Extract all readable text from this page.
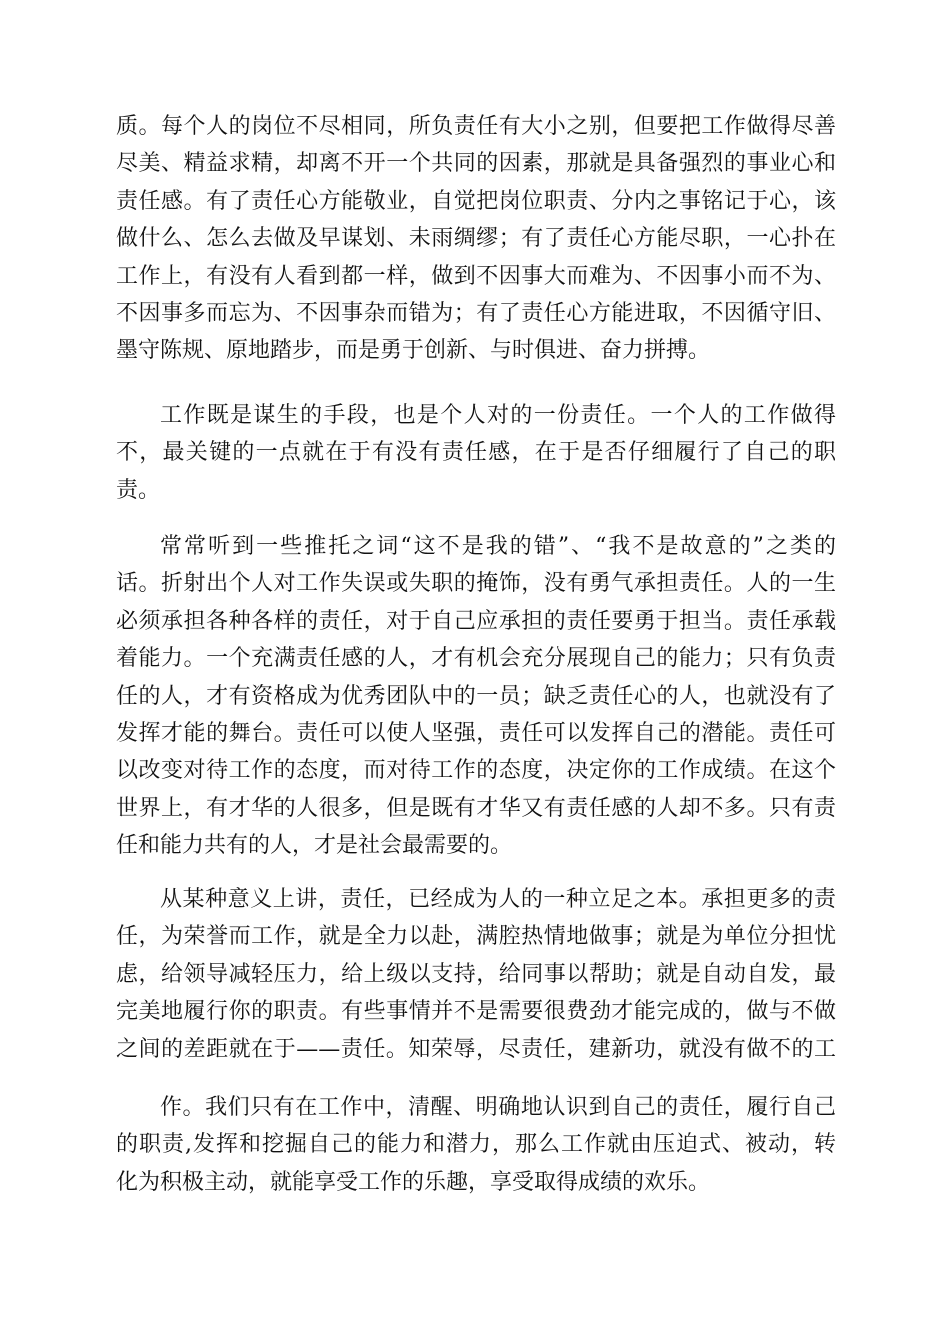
质。每个人的岗位不尽相同，所负责任有大小之别，但要把工作做得尽善
尽美、精益求精，却离不开一个共同的因素，那就是具备强烈的事业心和
责任感。有了责任心方能敬业，自觉把岗位职责、分内之事铭记于心，该
做什么、怎么去做及早谋划、未雨绸缪；有了责任心方能尽职，一心扑在
工作上，有没有人看到都一样，做到不因事大而难为、不因事小而不为、
不因事多而忘为、不因事杂而错为；有了责任心方能进取，不因循守旧、
墨守陈规、原地踏步，而是勇于创新、与时俱进、奋力拼搏。
工作既是谋生的手段，也是个人对的一份责任。一个人的工作做得
不，最关键的一点就在于有没有责任感，在于是否仔细履行了自己的职
责。
常常听到一些推托之词“这不是我的错”、“我不是故意的”之类的
话。折射出个人对工作失误或失职的掩饰，没有勇气承担责任。人的一生
必须承担各种各样的责任，对于自己应承担的责任要勇于担当。责任承载
着能力。一个充满责任感的人，才有机会充分展现自己的能力；只有负责
任的人，才有资格成为优秀团队中的一员；缺乏责任心的人，也就没有了
发挥才能的舞台。责任可以使人坚强，责任可以发挥自己的潜能。责任可
以改变对待工作的态度，而对待工作的态度，决定你的工作成绩。在这个
世界上，有才华的人很多，但是既有才华又有责任感的人却不多。只有责
任和能力共有的人，才是社会最需要的。
从某种意义上讲，责任，已经成为人的一种立足之本。承担更多的责
任，为荣誉而工作，就是全力以赴，满腔热情地做事；就是为单位分担忧
虑，给领导减轻压力，给上级以支持，给同事以帮助；就是自动自发，最
完美地履行你的职责。有些事情并不是需要很费劲才能完成的，做与不做
之间的差距就在于——责任。知荣辱，尽责任，建新功，就没有做不的工
作。我们只有在工作中，清醒、明确地认识到自己的责任，履行自己
的职责,发挥和挖掘自己的能力和潜力，那么工作就由压迫式、被动，转
化为积极主动，就能享受工作的乐趣，享受取得成绩的欢乐。
